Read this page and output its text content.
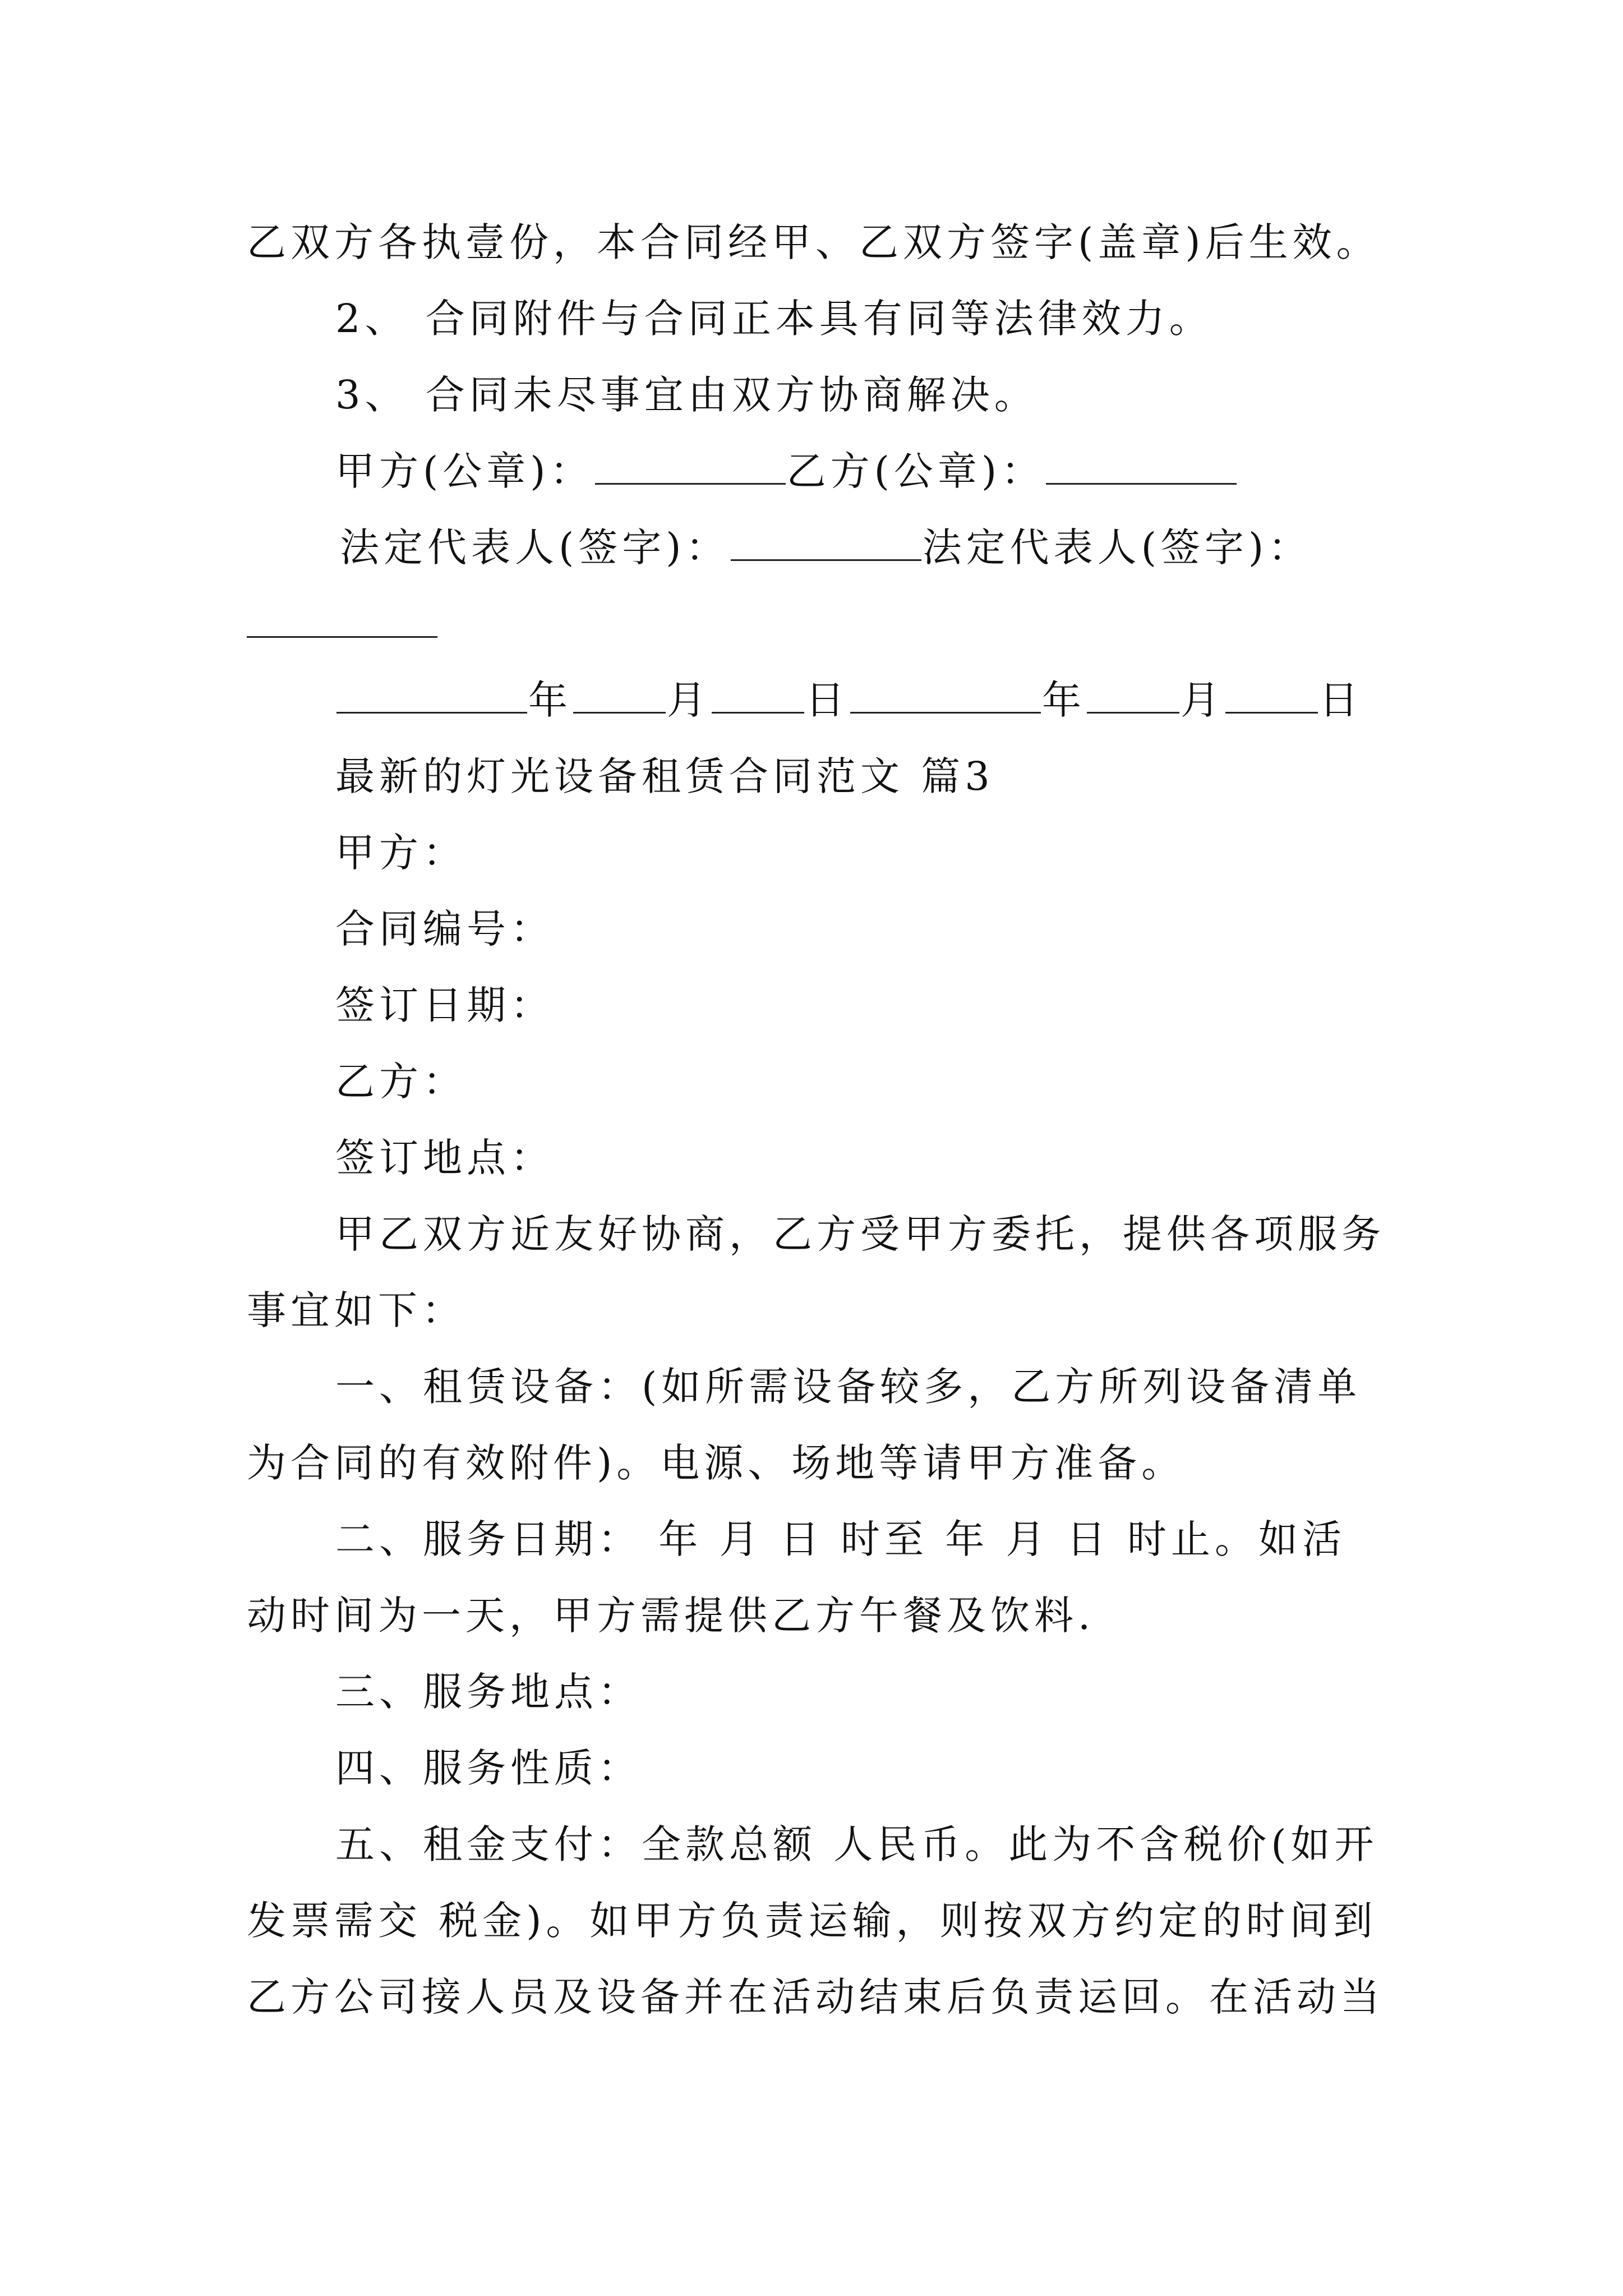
乙双方各执壹份，本合同经甲、乙双方签字(盖章)后生效。
2、 合同附件与合同正本具有同等法律效力。
3、 合同未尽事宜由双方协商解决。
甲方(公章)：	乙方(公章)：
法定代表人(签字)：	法定代表人(签字)：
年 月 日	年 月 日
最新的灯光设备租赁合同范文 篇3
甲方：
合同编号：
签订日期：
乙方：
签订地点：
甲乙双方近友好协商，乙方受甲方委托，提供各项服务
事宜如下：
一、租赁设备：(如所需设备较多，乙方所列设备清单
为合同的有效附件)。电源、场地等请甲方准备。
二、服务日期： 年 月 日 时至 年 月 日 时止。如活
动时间为一天，甲方需提供乙方午餐及饮料.
三、服务地点：
四、服务性质：
五、租金支付：全款总额 人民币。此为不含税价(如开
发票需交 税金)。如甲方负责运输，则按双方约定的时间到
乙方公司接人员及设备并在活动结束后负责运回。在活动当
